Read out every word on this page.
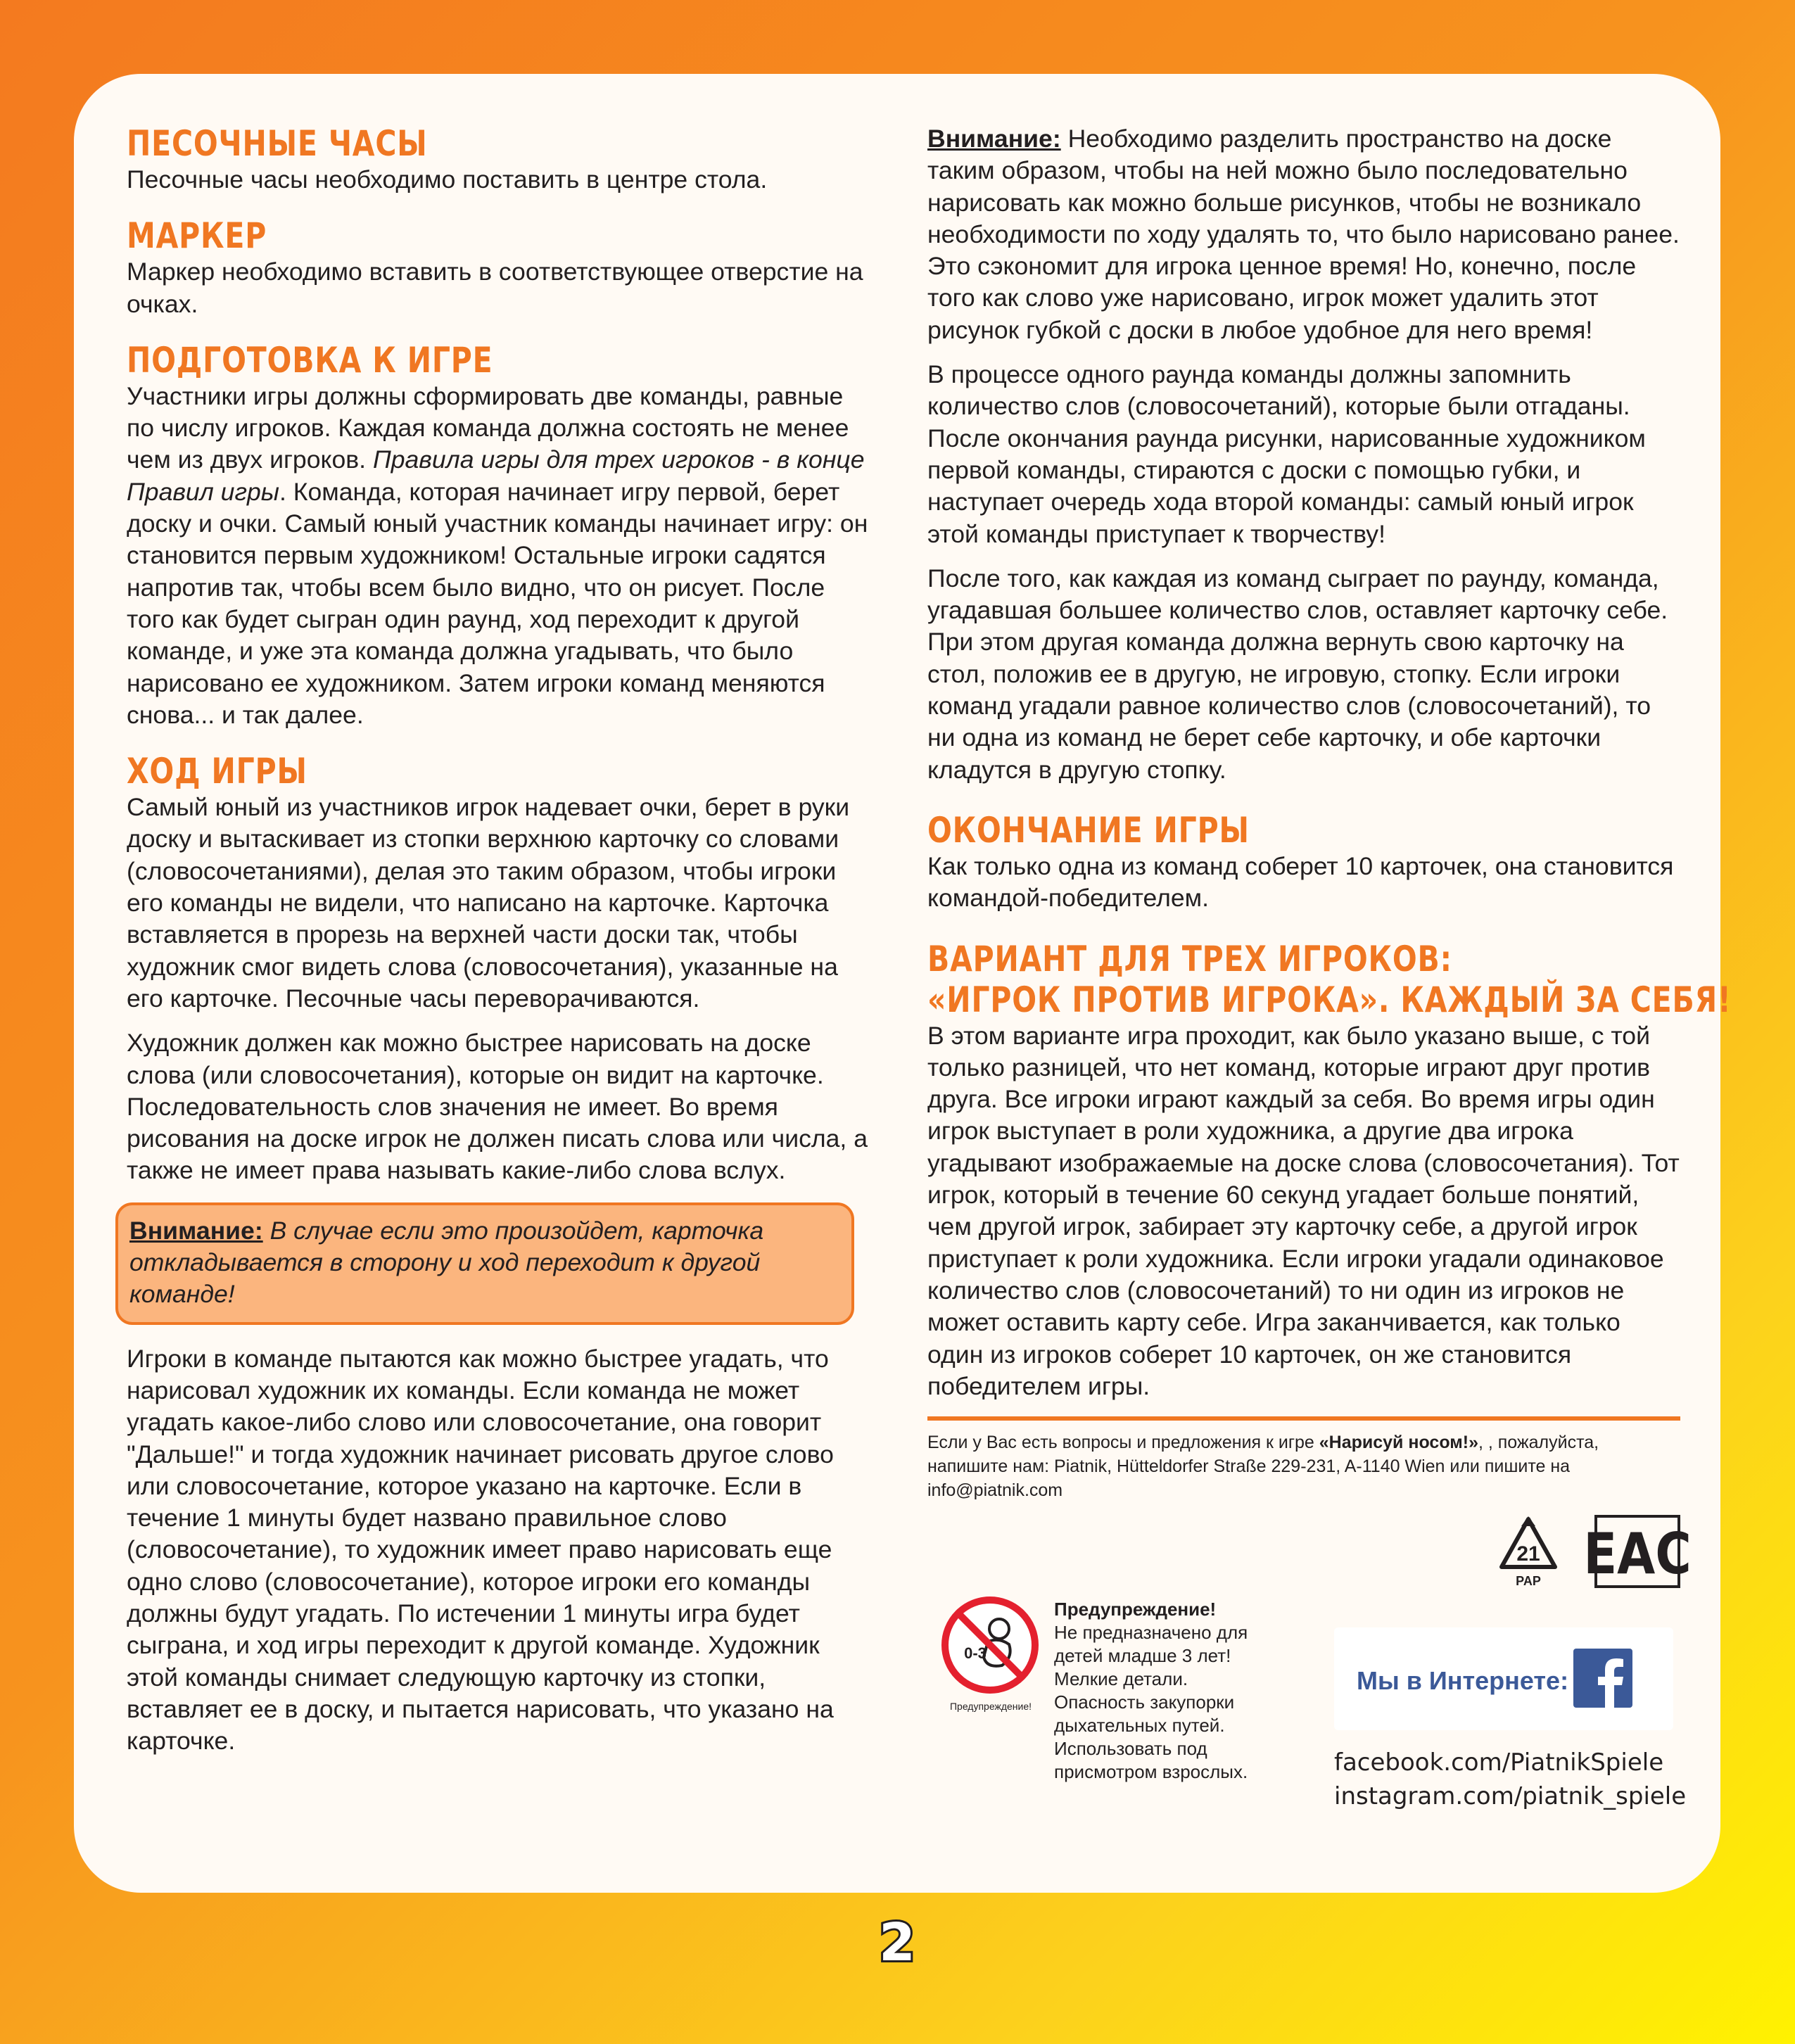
ПЕСОЧНЫЕ ЧАСЫ

Песочные часы необходимо поставить в центре стола.

МАРКЕР

Маркер необходимо вставить в соответствующее отверстие на очках.

ПОДГОТОВКА К ИГРЕ

Участники игры должны сформировать две команды, равные по числу игроков. Каждая команда должна состоять не менее чем из двух игроков. Правила игры для трех игроков - в конце Правил игры. Команда, которая начинает игру первой, берет доску и очки. Самый юный участник команды начинает игру: он становится первым художником! Остальные игроки садятся напротив так, чтобы всем было видно, что он рисует. После того как будет сыгран один раунд, ход переходит к другой команде, и уже эта команда должна угадывать, что было нарисовано ее художником. Затем игроки команд меняются снова... и так далее.

ХОД ИГРЫ

Самый юный из участников игрок надевает очки, берет в руки доску и вытаскивает из стопки верхнюю карточку со словами (словосочетаниями), делая это таким образом, чтобы игроки его команды не видели, что написано на карточке. Карточка вставляется в прорезь на верхней части доски так, чтобы художник смог видеть слова (словосочетания), указанные на его карточке. Песочные часы переворачиваются.

Художник должен как можно быстрее нарисовать на доске слова (или словосочетания), которые он видит на карточке. Последовательность слов значения не имеет. Во время рисования на доске игрок не должен писать слова или числа, а также не имеет права называть какие-либо слова вслух.

Внимание: В случае если это произойдет, карточка откладывается в сторону и ход переходит к другой команде!

Игроки в команде пытаются как можно быстрее угадать, что нарисовал художник их команды. Если команда не может угадать какое-либо слово или словосочетание, она говорит "Дальше!" и тогда художник начинает рисовать другое слово или словосочетание, которое указано на карточке. Если в течение 1 минуты будет названо правильное слово (словосочетание), то художник имеет право нарисовать еще одно слово (словосочетание), которое игроки его команды должны будут угадать. По истечении 1 минуты игра будет сыграна, и ход игры переходит к другой команде. Художник этой команды снимает следующую карточку из стопки, вставляет ее в доску, и пытается нарисовать, что указано на карточке.

Внимание: Необходимо разделить пространство на доске таким образом, чтобы на ней можно было последовательно нарисовать как можно больше рисунков, чтобы не возникало необходимости по ходу удалять то, что было нарисовано ранее. Это сэкономит для игрока ценное время! Но, конечно, после того как слово уже нарисовано, игрок может удалить этот рисунок губкой с доски в любое удобное для него время!

В процессе одного раунда команды должны запомнить количество слов (словосочетаний), которые были отгаданы. После окончания раунда рисунки, нарисованные художником первой команды, стираются с доски с помощью губки, и наступает очередь хода второй команды: самый юный игрок этой команды приступает к творчеству!

После того, как каждая из команд сыграет по раунду, команда, угадавшая большее количество слов, оставляет карточку себе. При этом другая команда должна вернуть свою карточку на стол, положив ее в другую, не игровую, стопку. Если игроки команд угадали равное количество слов (словосочетаний), то ни одна из команд не берет себе карточку, и обе карточки кладутся в другую стопку.

ОКОНЧАНИЕ ИГРЫ

Как только одна из команд соберет 10 карточек, она становится командой-победителем.

ВАРИАНТ ДЛЯ ТРЕХ ИГРОКОВ:
«ИГРОК ПРОТИВ ИГРОКА». КАЖДЫЙ ЗА СЕБЯ!

В этом варианте игра проходит, как было указано выше, с той только разницей, что нет команд, которые играют друг против друга. Все игроки играют каждый за себя. Во время игры один игрок выступает в роли художника, а другие два игрока угадывают изображаемые на доске слова (словосочетания). Тот игрок, который в течение 60 секунд угадает больше понятий, чем другой игрок, забирает эту карточку себе, а другой игрок приступает к роли художника. Если игроки угадали одинаковое количество слов (словосочетаний) то ни один из игроков не может оставить карту себе. Игра заканчивается, как только один из игроков соберет 10 карточек, он же становится победителем игры.

Если у Вас есть вопросы и предложения к игре «Нарисуй носом!», , пожалуйста, напишите нам: Piatnik, Hütteldorfer Straße 229-231, A-1140 Wien или пишите на info@piatnik.com

21
PAP EAC
0-3
Предупреждение!

Предупреждение!
Не предназначено для детей младше 3 лет! Мелкие детали. Опасность закупорки дыхательных путей. Использовать под присмотром взрослых.

Мы в Интернете:
facebook.com/PiatnikSpiele
instagram.com/piatnik_spiele
2
